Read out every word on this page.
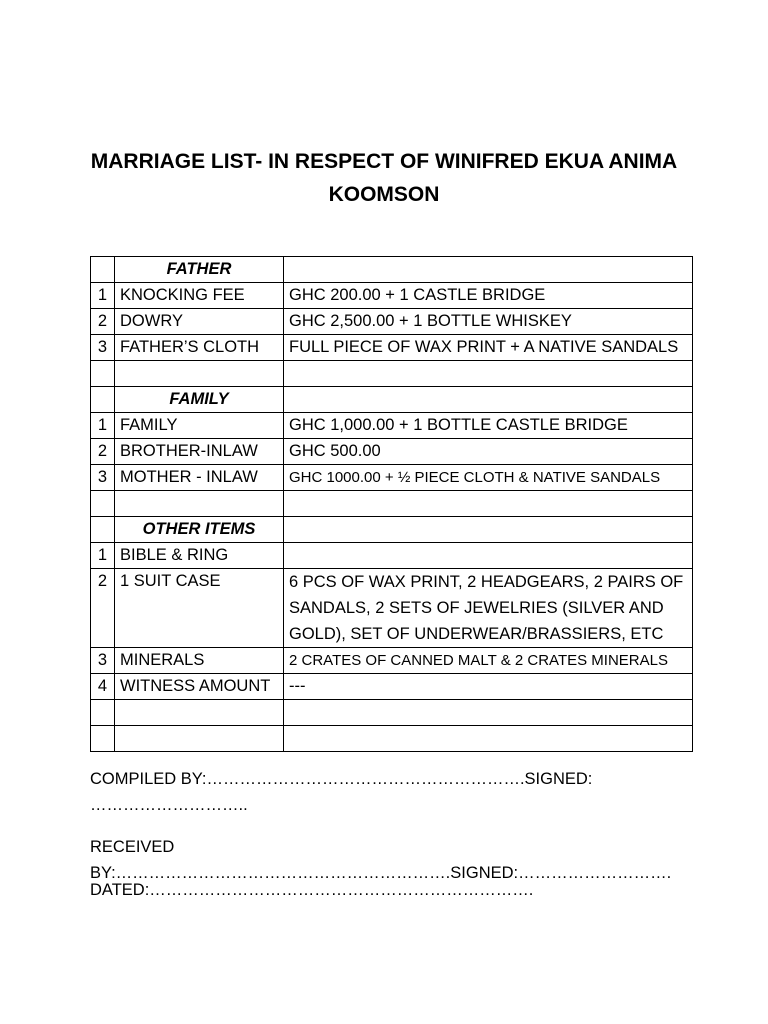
MARRIAGE LIST- IN RESPECT OF WINIFRED EKUA ANIMA
KOOMSON
	FATHER	
1	KNOCKING FEE	GHC 200.00 + 1 CASTLE BRIDGE
2	DOWRY	GHC 2,500.00 + 1 BOTTLE WHISKEY
3	FATHER’S CLOTH	FULL PIECE OF WAX PRINT + A NATIVE SANDALS

	FAMILY	
1	FAMILY	GHC 1,000.00 + 1 BOTTLE CASTLE BRIDGE
2	BROTHER-INLAW	GHC 500.00
3	MOTHER - INLAW	GHC 1000.00 + ½ PIECE CLOTH & NATIVE SANDALS

	OTHER ITEMS	
1	BIBLE & RING	
2	1 SUIT CASE	6 PCS OF WAX PRINT, 2 HEADGEARS, 2 PAIRS OF SANDALS, 2 SETS OF JEWELRIES (SILVER AND GOLD), SET OF UNDERWEAR/BRASSIERS, ETC
3	MINERALS	2 CRATES OF CANNED MALT & 2 CRATES MINERALS
4	WITNESS AMOUNT	---

COMPILED BY:………………………………………………….SIGNED: ………………………..
RECEIVED BY:…………………………………………………….SIGNED:……………………….
DATED:…………………………………………………………….
